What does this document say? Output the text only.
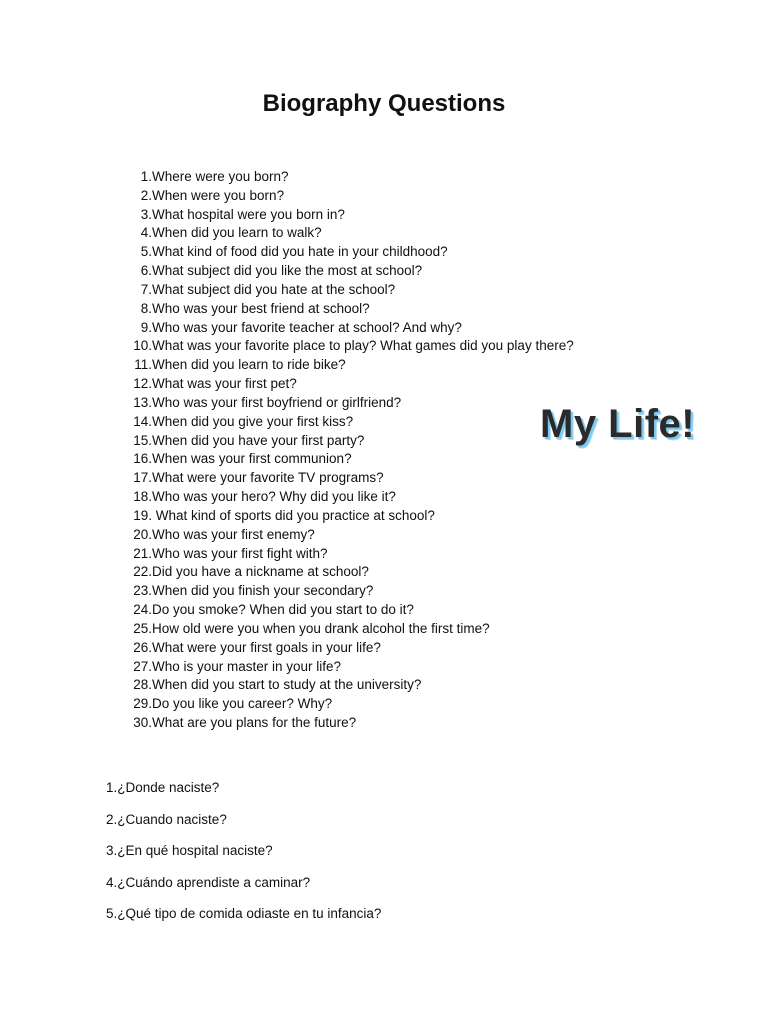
Biography Questions
1. Where were you born?
2. When were you born?
3. What hospital were you born in?
4. When did you learn to walk?
5. What kind of food did you hate in your childhood?
6. What subject did you like the most at school?
7. What subject did you hate at the school?
8. Who was your best friend at school?
9. Who was your favorite teacher at school? And why?
10. What was your favorite place to play? What games did you play there?
11. When did you learn to ride bike?
12. What was your first pet?
13. Who was your first boyfriend or girlfriend?
14. When did you give your first kiss?
15. When did you have your first party?
16. When was your first communion?
17. What were your favorite TV programs?
18. Who was your hero? Why did you like it?
19. What kind of sports did you practice at school?
20. Who was your first enemy?
21. Who was your first fight with?
22. Did you have a nickname at school?
23. When did you finish your secondary?
24. Do you smoke? When did you start to do it?
25. How old were you when you drank alcohol the first time?
26. What were your first goals in your life?
27. Who is your master in your life?
28. When did you start to study at the university?
29. Do you like you career? Why?
30. What are you plans for the future?
My Life!
1.¿Donde naciste?
2.¿Cuando naciste?
3.¿En qué hospital naciste?
4.¿Cuándo aprendiste a caminar?
5.¿Qué tipo de comida odiaste en tu infancia?
